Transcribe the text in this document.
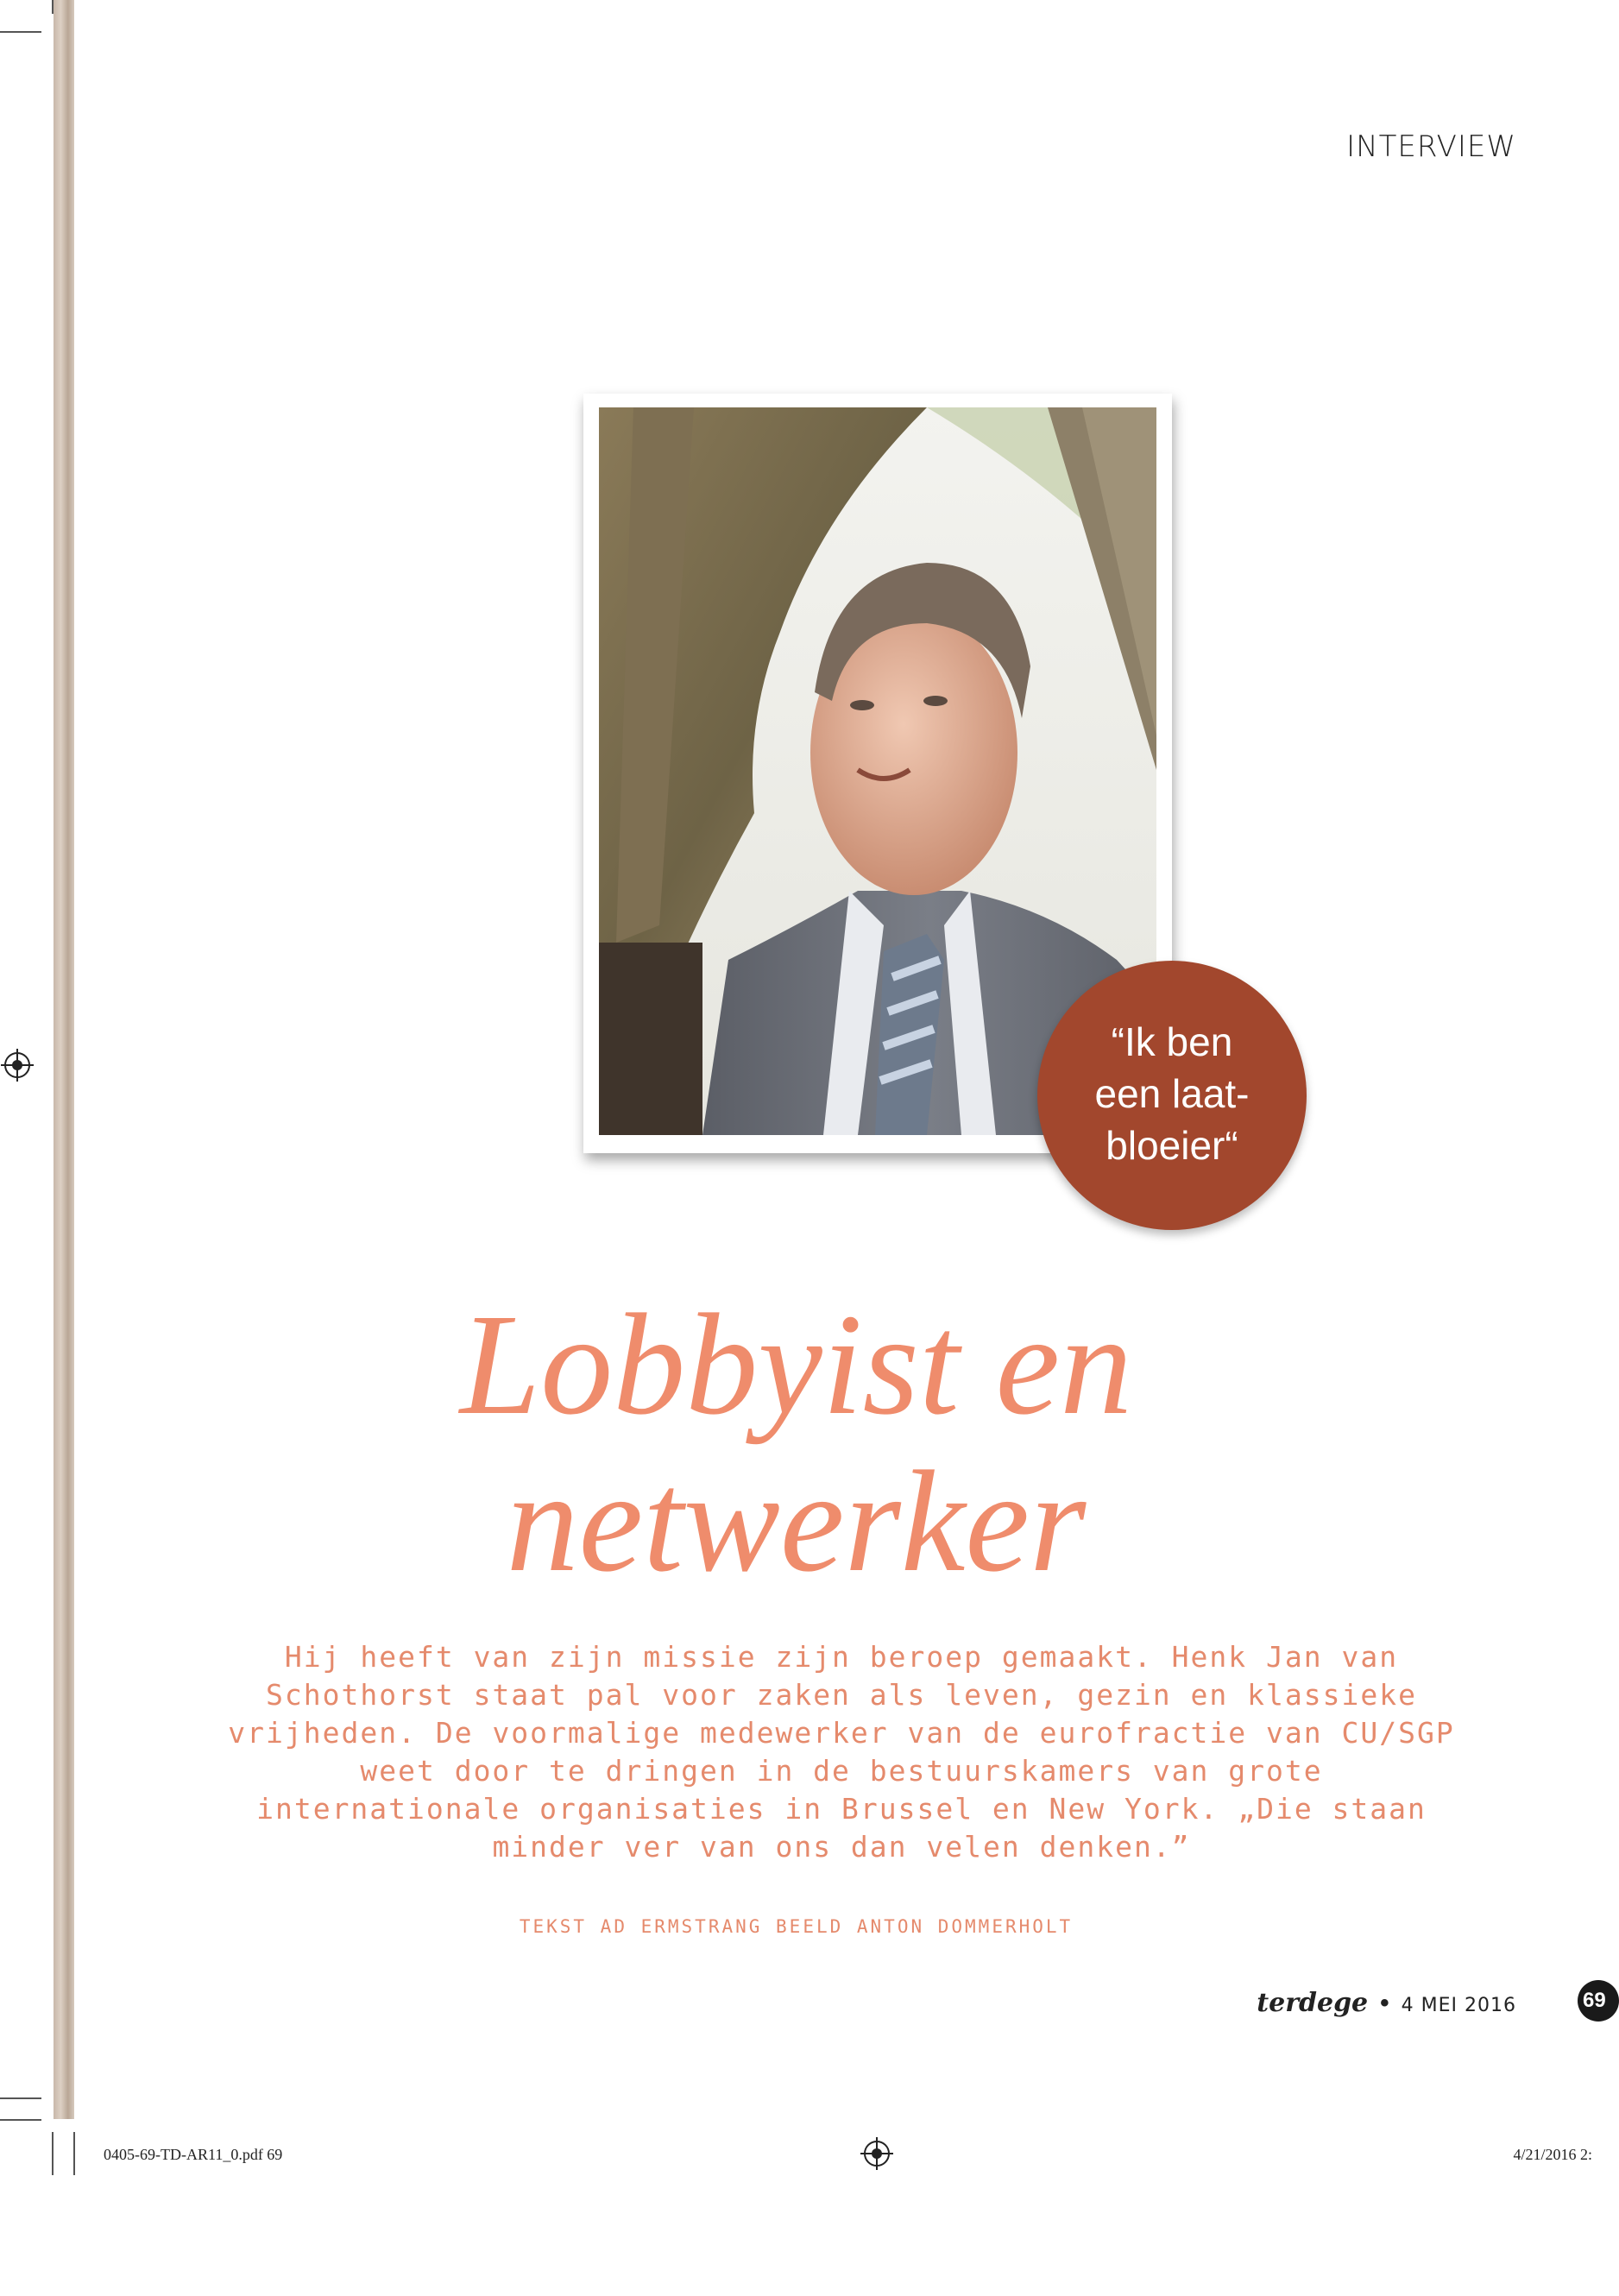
INTERVIEW
“Ik ben een laat-bloeier“
Lobbyist en
netwerker
Hij heeft van zijn missie zijn beroep gemaakt. Henk Jan van Schothorst staat pal voor zaken als leven, gezin en klassieke vrijheden. De voormalige medewerker van de eurofractie van CU/SGP weet door te dringen in de bestuurskamers van grote internationale organisaties in Brussel en New York. „Die staan minder ver van ons dan velen denken.”
TEKST AD ERMSTRANG BEELD ANTON DOMMERHOLT
terdege • 4 MEI 2016	69
0405-69-TD-AR11_0.pdf 69	4/21/2016 2:
